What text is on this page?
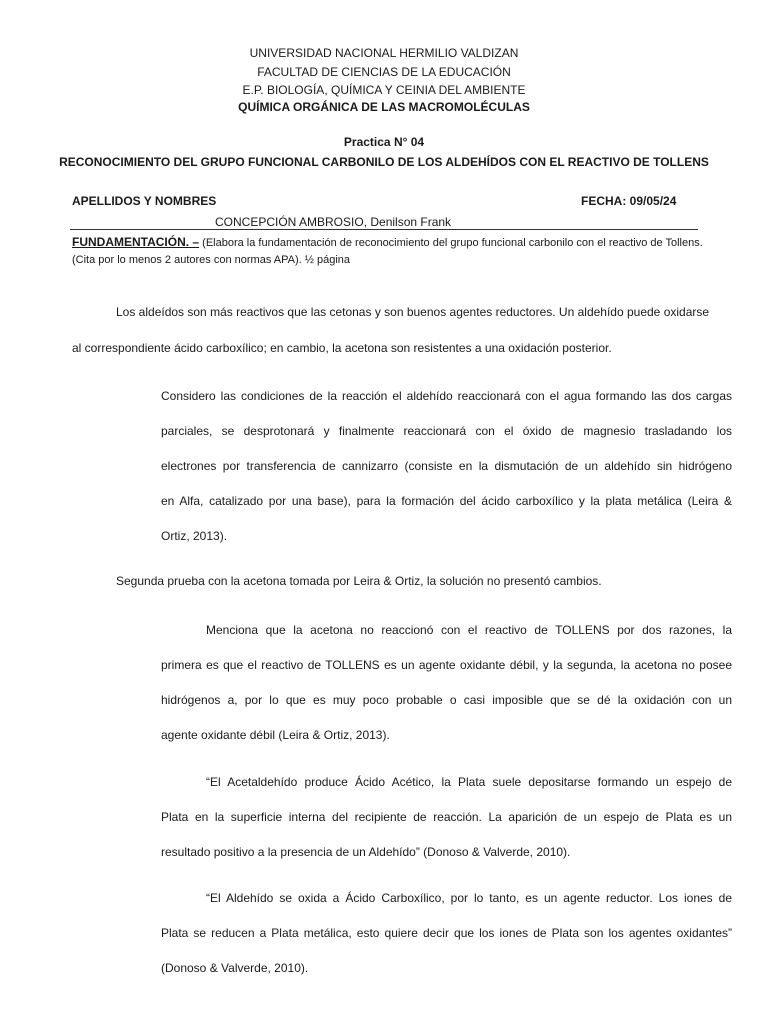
UNIVERSIDAD NACIONAL HERMILIO VALDIZAN
FACULTAD DE CIENCIAS DE LA EDUCACIÓN
E.P. BIOLOGÍA, QUÍMICA Y CEINIA DEL AMBIENTE
QUÍMICA ORGÁNICA DE LAS MACROMOLÉCULAS
Practica N° 04
RECONOCIMIENTO DEL GRUPO FUNCIONAL CARBONILO DE LOS ALDEHÍDOS CON EL REACTIVO DE TOLLENS
APELLIDOS Y NOMBRES	FECHA: 09/05/24
CONCEPCIÓN AMBROSIO, Denilson Frank
FUNDAMENTACIÓN. – (Elabora la fundamentación de reconocimiento del grupo funcional carbonilo con el reactivo de Tollens.
(Cita por lo menos 2 autores con normas APA). ½ página
Los aldeídos son más reactivos que las cetonas y son buenos agentes reductores. Un aldehído puede oxidarse
al correspondiente ácido carboxílico; en cambio, la acetona son resistentes a una oxidación posterior.
Considero las condiciones de la reacción el aldehído reaccionará con el agua formando las dos cargas
parciales, se desprotonará y finalmente reaccionará con el óxido de magnesio trasladando los
electrones por transferencia de cannizarro (consiste en la dismutación de un aldehído sin hidrógeno
en Alfa, catalizado por una base), para la formación del ácido carboxílico y la plata metálica (Leira &
Ortiz, 2013).
Segunda prueba con la acetona tomada por Leira & Ortiz, la solución no presentó cambios.
Menciona que la acetona no reaccionó con el reactivo de TOLLENS por dos razones, la
primera es que el reactivo de TOLLENS es un agente oxidante débil, y la segunda, la acetona no posee
hidrógenos a, por lo que es muy poco probable o casi imposible que se dé la oxidación con un
agente oxidante débil (Leira & Ortiz, 2013).
“El Acetaldehído produce Ácido Acético, la Plata suele depositarse formando un espejo de
Plata en la superficie interna del recipiente de reacción. La aparición de un espejo de Plata es un
resultado positivo a la presencia de un Aldehído” (Donoso & Valverde, 2010).
“El Aldehído se oxida a Ácido Carboxílico, por lo tanto, es un agente reductor. Los iones de
Plata se reducen a Plata metálica, esto quiere decir que los iones de Plata son los agentes oxidantes”
(Donoso & Valverde, 2010).
